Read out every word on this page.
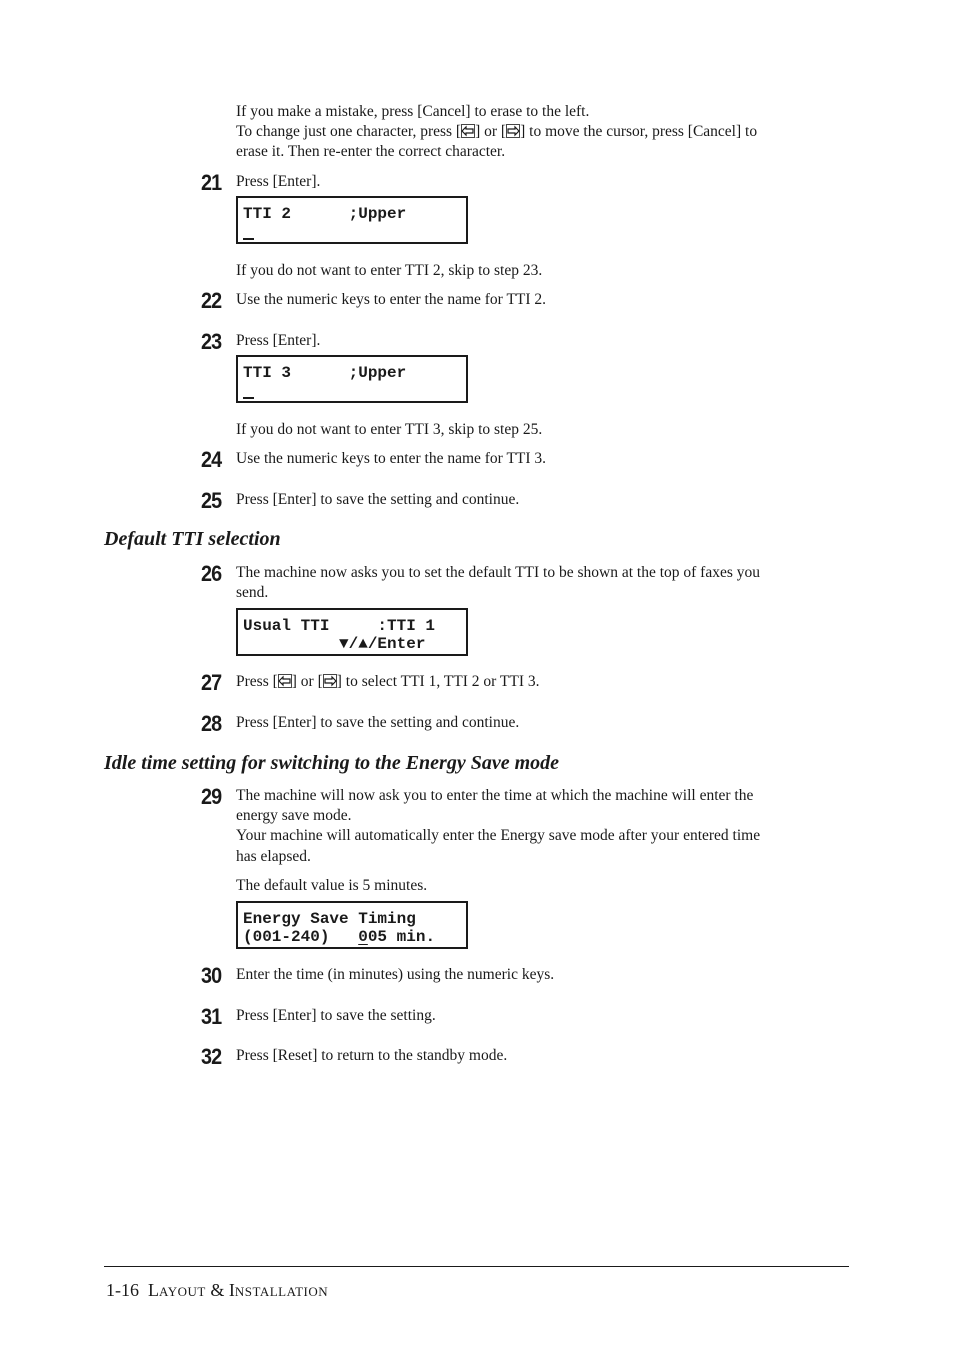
If you make a mistake, press [Cancel] to erase to the left.
To change just one character, press [ ] or [ ] to move the cursor, press [Cancel] to
erase it. Then re-enter the correct character.
21 Press [Enter].
TTI 2      ;Upper
If you do not want to enter TTI 2, skip to step 23.
22 Use the numeric keys to enter the name for TTI 2.
23 Press [Enter].
TTI 3      ;Upper
If you do not want to enter TTI 3, skip to step 25.
24 Use the numeric keys to enter the name for TTI 3.
25 Press [Enter] to save the setting and continue.
Default TTI selection
26 The machine now asks you to set the default TTI to be shown at the top of faxes you
send.
Usual TTI     :TTI 1
▼/▲/Enter
27 Press [ ] or [ ] to select TTI 1, TTI 2 or TTI 3.
28 Press [Enter] to save the setting and continue.
Idle time setting for switching to the Energy Save mode
29 The machine will now ask you to enter the time at which the machine will enter the
energy save mode.
Your machine will automatically enter the Energy save mode after your entered time
has elapsed.
The default value is 5 minutes.
Energy Save Timing
(001-240)   005 min.
30 Enter the time (in minutes) using the numeric keys.
31 Press [Enter] to save the setting.
32 Press [Reset] to return to the standby mode.
1-16 LAYOUT & INSTALLATION
